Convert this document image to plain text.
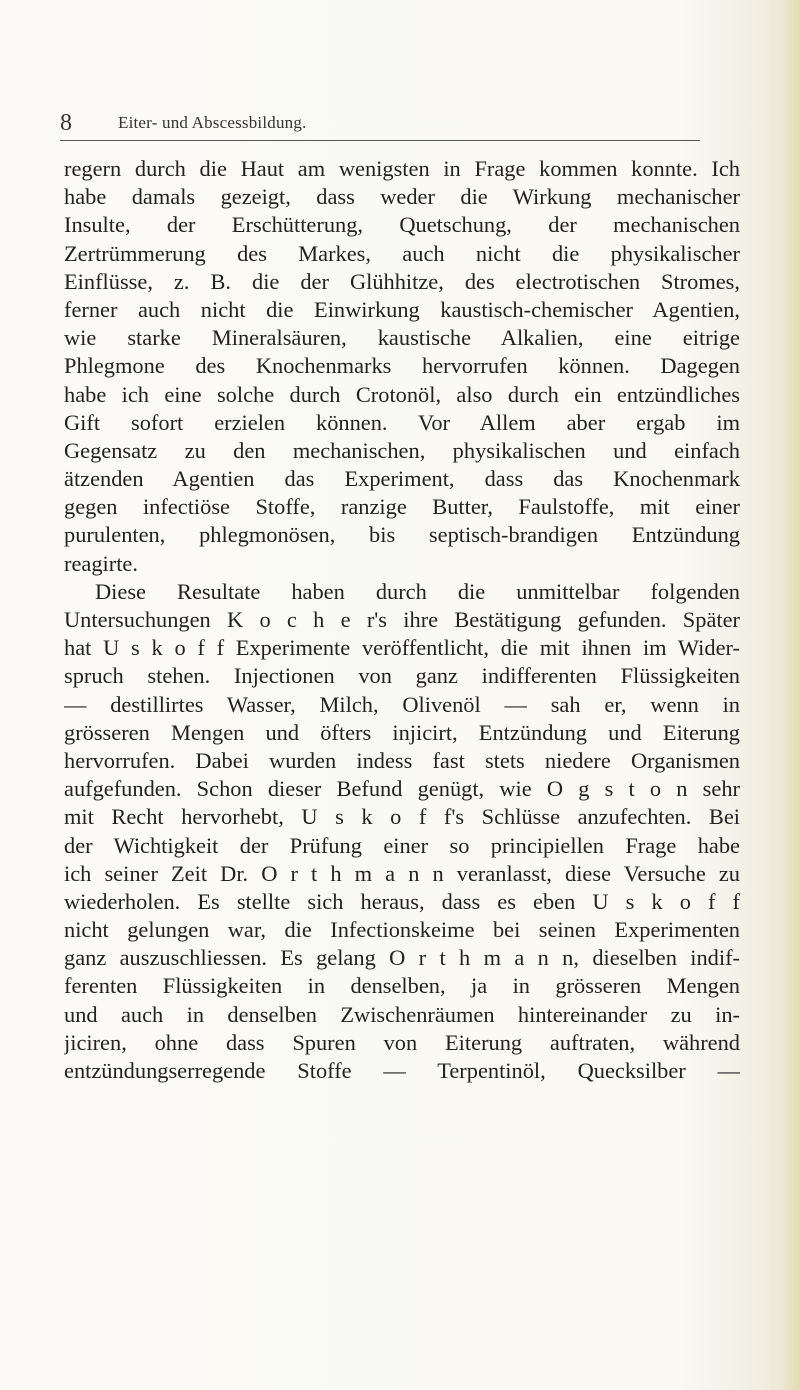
8	Eiter- und Abscessbildung.
regern durch die Haut am wenigsten in Frage kommen konnte. Ich
habe damals gezeigt, dass weder die Wirkung mechanischer
Insulte, der Erschütterung, Quetschung, der mechanischen
Zertrümmerung des Markes, auch nicht die physikalischer
Einflüsse, z. B. die der Glühhitze, des electrotischen Stromes,
ferner auch nicht die Einwirkung kaustisch-chemischer Agentien,
wie starke Mineralsäuren, kaustische Alkalien, eine eitrige
Phlegmone des Knochenmarks hervorrufen können. Dagegen
habe ich eine solche durch Crotonöl, also durch ein entzündliches
Gift sofort erzielen können. Vor Allem aber ergab im
Gegensatz zu den mechanischen, physikalischen und einfach
ätzenden Agentien das Experiment, dass das Knochenmark
gegen infectiöse Stoffe, ranzige Butter, Faulstoffe, mit einer
purulenten, phlegmonösen, bis septisch-brandigen Entzündung
reagirte.
Diese Resultate haben durch die unmittelbar folgenden
Untersuchungen K o c h e r's ihre Bestätigung gefunden. Später
hat U s k o f f Experimente veröffentlicht, die mit ihnen im Wider-
spruch stehen. Injectionen von ganz indifferenten Flüssigkeiten
— destillirtes Wasser, Milch, Olivenöl — sah er, wenn in
grösseren Mengen und öfters injicirt, Entzündung und Eiterung
hervorrufen. Dabei wurden indess fast stets niedere Organismen
aufgefunden. Schon dieser Befund genügt, wie O g s t o n sehr
mit Recht hervorhebt, U s k o f f's Schlüsse anzufechten. Bei
der Wichtigkeit der Prüfung einer so principiellen Frage habe
ich seiner Zeit Dr. O r t h m a n n veranlasst, diese Versuche zu
wiederholen. Es stellte sich heraus, dass es eben U s k o f f
nicht gelungen war, die Infectionskeime bei seinen Experimenten
ganz auszuschliessen. Es gelang O r t h m a n n, dieselben indif-
ferenten Flüssigkeiten in denselben, ja in grösseren Mengen
und auch in denselben Zwischenräumen hintereinander zu in-
jiciren, ohne dass Spuren von Eiterung auftraten, während
entzündungserregende Stoffe — Terpentinöl, Quecksilber —
